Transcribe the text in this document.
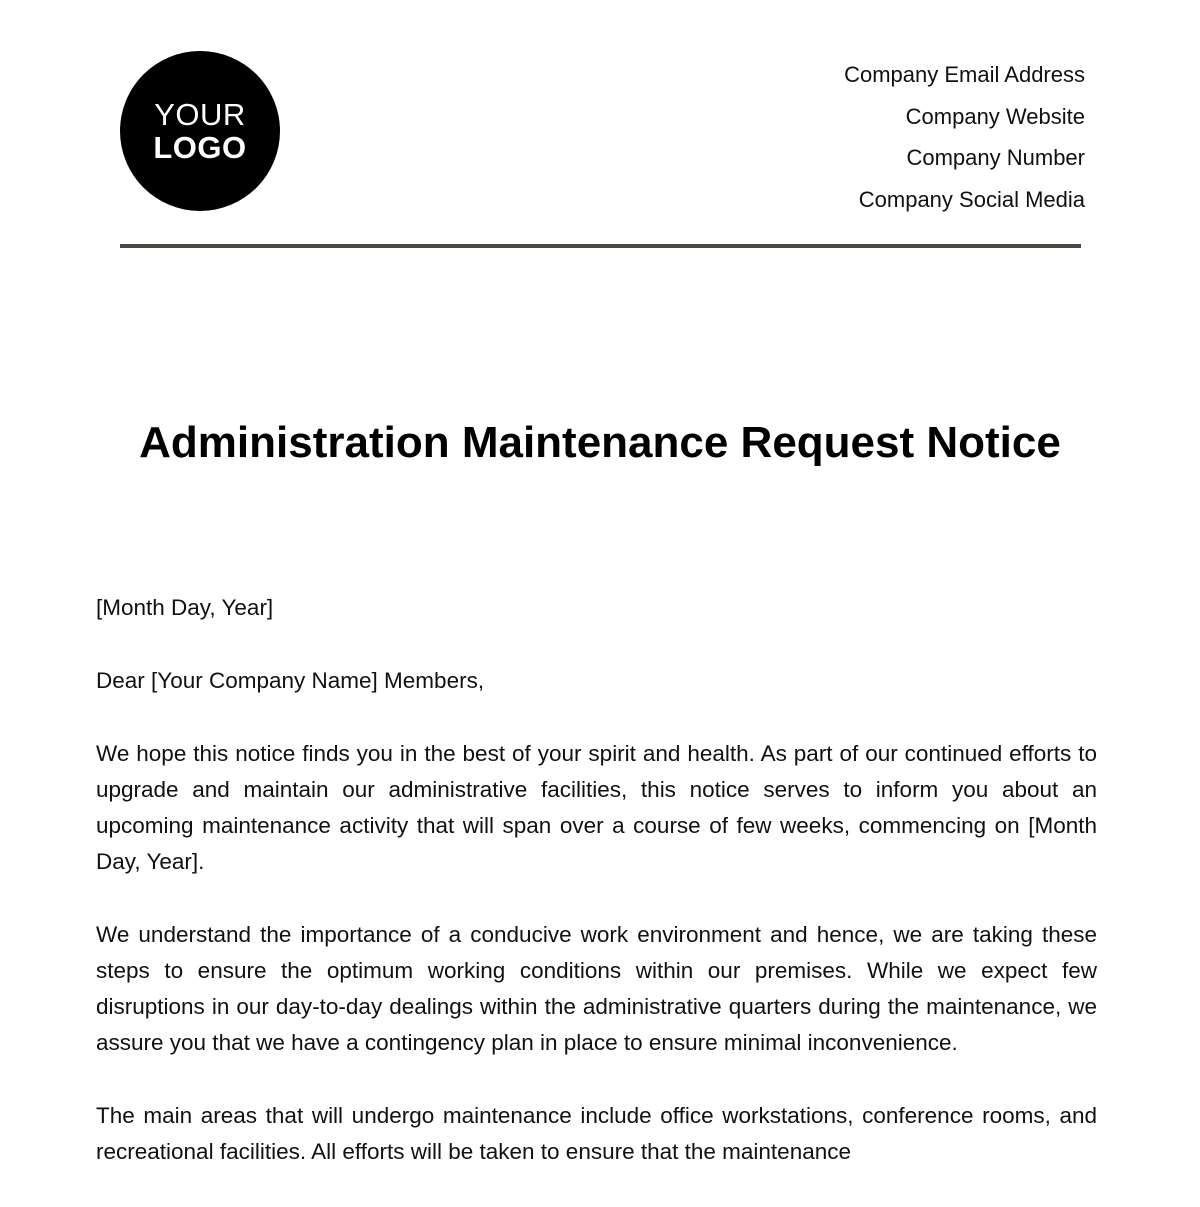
YOUR
LOGO
Company Email Address
Company Website
Company Number
Company Social Media
Administration Maintenance Request Notice

[Month Day, Year]

Dear [Your Company Name] Members,

We hope this notice finds you in the best of your spirit and health. As part of our continued efforts to upgrade and maintain our administrative facilities, this notice serves to inform you about an upcoming maintenance activity that will span over a course of few weeks, commencing on [Month Day, Year].

We understand the importance of a conducive work environment and hence, we are taking these steps to ensure the optimum working conditions within our premises. While we expect few disruptions in our day-to-day dealings within the administrative quarters during the maintenance, we assure you that we have a contingency plan in place to ensure minimal inconvenience.

The main areas that will undergo maintenance include office workstations, conference rooms, and recreational facilities. All efforts will be taken to ensure that the maintenance
